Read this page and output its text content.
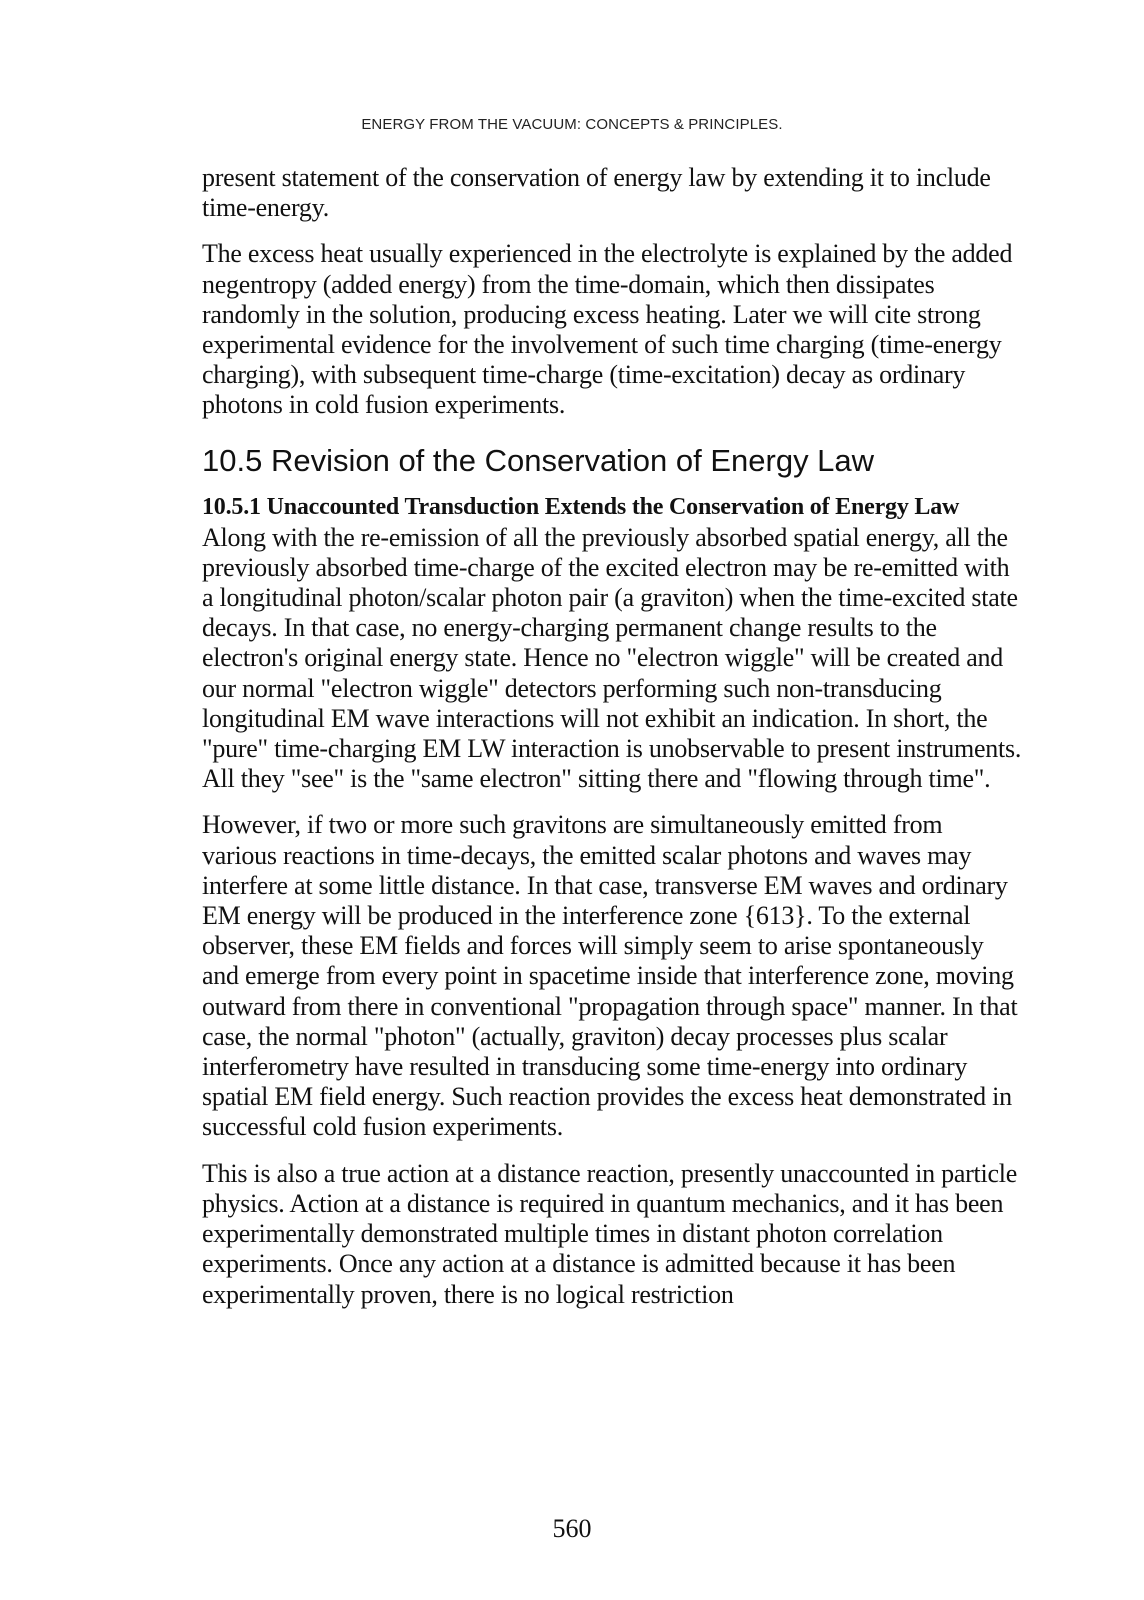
ENERGY FROM THE VACUUM: CONCEPTS & PRINCIPLES.

present statement of the conservation of energy law by extending it to include time-energy.

The excess heat usually experienced in the electrolyte is explained by the added negentropy (added energy) from the time-domain, which then dissipates randomly in the solution, producing excess heating. Later we will cite strong experimental evidence for the involvement of such time charging (time-energy charging), with subsequent time-charge (time-excitation) decay as ordinary photons in cold fusion experiments.

10.5 Revision of the Conservation of Energy Law
10.5.1 Unaccounted Transduction Extends the Conservation of Energy Law

Along with the re-emission of all the previously absorbed spatial energy, all the previously absorbed time-charge of the excited electron may be re-emitted with a longitudinal photon/scalar photon pair (a graviton) when the time-excited state decays. In that case, no energy-charging permanent change results to the electron's original energy state. Hence no "electron wiggle" will be created and our normal "electron wiggle" detectors performing such non-transducing longitudinal EM wave interactions will not exhibit an indication. In short, the "pure" time-charging EM LW interaction is unobservable to present instruments. All they "see" is the "same electron" sitting there and "flowing through time".

However, if two or more such gravitons are simultaneously emitted from various reactions in time-decays, the emitted scalar photons and waves may interfere at some little distance. In that case, transverse EM waves and ordinary EM energy will be produced in the interference zone {613}. To the external observer, these EM fields and forces will simply seem to arise spontaneously and emerge from every point in spacetime inside that interference zone, moving outward from there in conventional "propagation through space" manner. In that case, the normal "photon" (actually, graviton) decay processes plus scalar interferometry have resulted in transducing some time-energy into ordinary spatial EM field energy. Such reaction provides the excess heat demonstrated in successful cold fusion experiments.

This is also a true action at a distance reaction, presently unaccounted in particle physics. Action at a distance is required in quantum mechanics, and it has been experimentally demonstrated multiple times in distant photon correlation experiments. Once any action at a distance is admitted because it has been experimentally proven, there is no logical restriction

560
